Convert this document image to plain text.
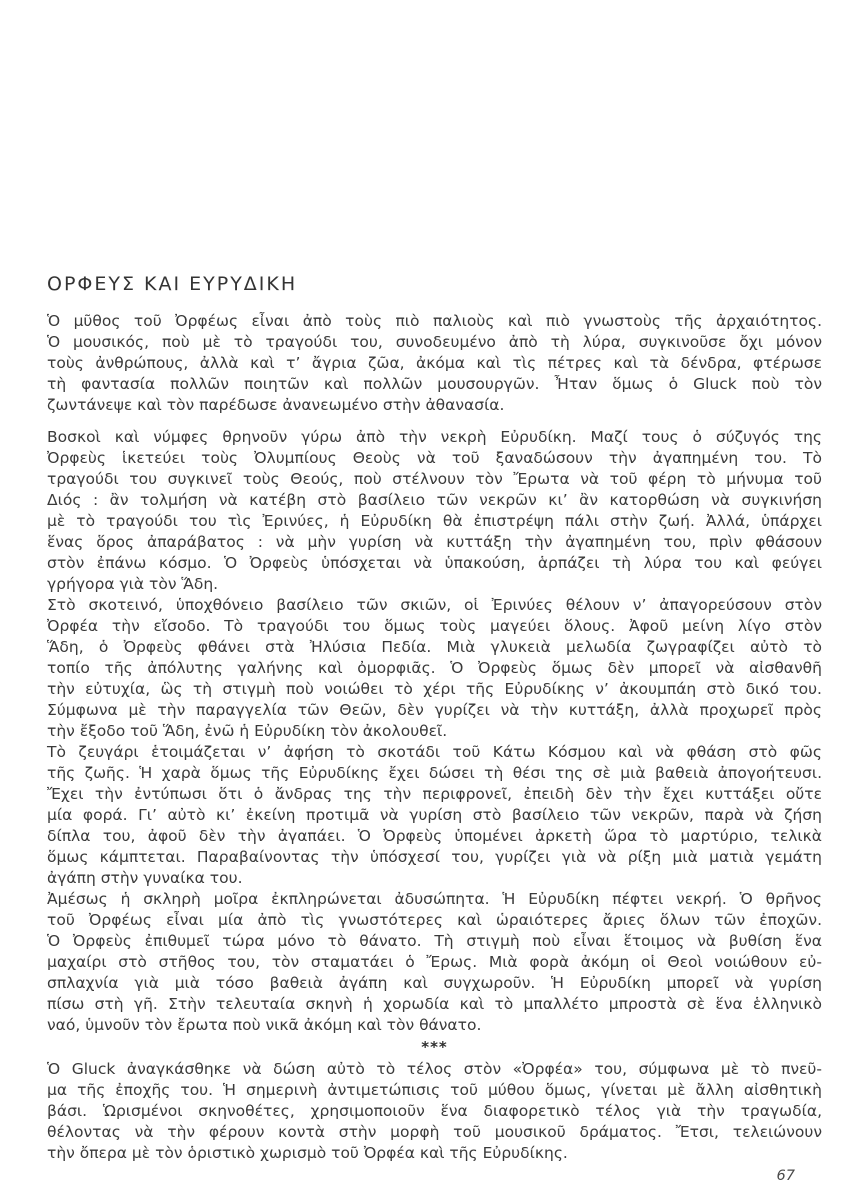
ΟΡΦΕΥΣ ΚΑΙ ΕΥΡΥΔΙΚΗ
Ὁ μῦθος τοῦ Ὀρφέως εἶναι ἀπὸ τοὺς πιὸ παλιοὺς καὶ πιὸ γνωστοὺς τῆς ἀρχαιότητος.
Ὁ μουσικός, ποὺ μὲ τὸ τραγούδι του, συνοδευμένο ἀπὸ τὴ λύρα, συγκινοῦσε ὄχι μόνον
τοὺς ἀνθρώπους, ἀλλὰ καὶ τ’ ἄγρια ζῶα, ἀκόμα καὶ τὶς πέτρες καὶ τὰ δένδρα, φτέρωσε
τὴ φαντασία πολλῶν ποιητῶν καὶ πολλῶν μουσουργῶν. Ἦταν ὅμως ὁ Gluck ποὺ τὸν
ζωντάνεψε καὶ τὸν παρέδωσε ἀνανεωμένο στὴν ἀθανασία.
Βοσκοὶ καὶ νύμφες θρηνοῦν γύρω ἀπὸ τὴν νεκρὴ Εὐρυδίκη. Μαζί τους ὁ σύζυγός της
Ὀρφεὺς ἱκετεύει τοὺς Ὀλυμπίους Θεοὺς νὰ τοῦ ξαναδώσουν τὴν ἀγαπημένη του. Τὸ
τραγούδι του συγκινεῖ τοὺς Θεούς, ποὺ στέλνουν τὸν Ἔρωτα νὰ τοῦ φέρη τὸ μήνυμα τοῦ
Διός : ἂν τολμήση νὰ κατέβη στὸ βασίλειο τῶν νεκρῶν κι’ ἂν κατορθώση νὰ συγκινήση
μὲ τὸ τραγούδι του τὶς Ἐρινύες, ἡ Εὐρυδίκη θὰ ἐπιστρέψη πάλι στὴν ζωή. Ἀλλά, ὑπάρχει
ἕνας ὅρος ἀπαράβατος : νὰ μὴν γυρίση νὰ κυττάξη τὴν ἀγαπημένη του, πρὶν φθάσουν
στὸν ἐπάνω κόσμο. Ὁ Ὀρφεὺς ὑπόσχεται νὰ ὑπακούση, ἁρπάζει τὴ λύρα του καὶ φεύγει
γρήγορα γιὰ τὸν Ἅδη.
Στὸ σκοτεινό, ὑποχθόνειο βασίλειο τῶν σκιῶν, οἱ Ἐρινύες θέλουν ν’ ἀπαγορεύσουν στὸν
Ὀρφέα τὴν εἴσοδο. Τὸ τραγούδι του ὅμως τοὺς μαγεύει ὅλους. Ἀφοῦ μείνη λίγο στὸν
Ἅδη, ὁ Ὀρφεὺς φθάνει στὰ Ἠλύσια Πεδία. Μιὰ γλυκειὰ μελωδία ζωγραφίζει αὐτὸ τὸ
τοπίο τῆς ἀπόλυτης γαλήνης καὶ ὀμορφιᾶς. Ὁ Ὀρφεὺς ὅμως δὲν μπορεῖ νὰ αἰσθανθῆ
τὴν εὐτυχία, ὣς τὴ στιγμὴ ποὺ νοιώθει τὸ χέρι τῆς Εὐρυδίκης ν’ ἀκουμπάη στὸ δικό του.
Σύμφωνα μὲ τὴν παραγγελία τῶν Θεῶν, δὲν γυρίζει νὰ τὴν κυττάξη, ἀλλὰ προχωρεῖ πρὸς
τὴν ἔξοδο τοῦ Ἅδη, ἐνῶ ἡ Εὐρυδίκη τὸν ἀκολουθεῖ.
Τὸ ζευγάρι ἑτοιμάζεται ν’ ἀφήση τὸ σκοτάδι τοῦ Κάτω Κόσμου καὶ νὰ φθάση στὸ φῶς
τῆς ζωῆς. Ἡ χαρὰ ὅμως τῆς Εὐρυδίκης ἔχει δώσει τὴ θέσι της σὲ μιὰ βαθειὰ ἀπογοήτευσι.
Ἔχει τὴν ἐντύπωσι ὅτι ὁ ἄνδρας της τὴν περιφρονεῖ, ἐπειδὴ δὲν τὴν ἔχει κυττάξει οὔτε
μία φορά. Γι’ αὐτὸ κι’ ἐκείνη προτιμᾶ νὰ γυρίση στὸ βασίλειο τῶν νεκρῶν, παρὰ νὰ ζήση
δίπλα του, ἀφοῦ δὲν τὴν ἀγαπάει. Ὁ Ὀρφεὺς ὑπομένει ἀρκετὴ ὥρα τὸ μαρτύριο, τελικὰ
ὅμως κάμπτεται. Παραβαίνοντας τὴν ὑπόσχεσί του, γυρίζει γιὰ νὰ ρίξη μιὰ ματιὰ γεμάτη
ἀγάπη στὴν γυναίκα του.
Ἀμέσως ἡ σκληρὴ μοῖρα ἐκπληρώνεται ἀδυσώπητα. Ἡ Εὐρυδίκη πέφτει νεκρή. Ὁ θρῆνος
τοῦ Ὀρφέως εἶναι μία ἀπὸ τὶς γνωστότερες καὶ ὡραιότερες ἄριες ὅλων τῶν ἐποχῶν.
Ὁ Ὀρφεὺς ἐπιθυμεῖ τώρα μόνο τὸ θάνατο. Τὴ στιγμὴ ποὺ εἶναι ἕτοιμος νὰ βυθίση ἕνα
μαχαίρι στὸ στῆθος του, τὸν σταματάει ὁ Ἔρως. Μιὰ φορὰ ἀκόμη οἱ Θεοὶ νοιώθουν εὐ-
σπλαχνία γιὰ μιὰ τόσο βαθειὰ ἀγάπη καὶ συγχωροῦν. Ἡ Εὐρυδίκη μπορεῖ νὰ γυρίση
πίσω στὴ γῆ. Στὴν τελευταία σκηνὴ ἡ χορωδία καὶ τὸ μπαλλέτο μπροστὰ σὲ ἕνα ἑλληνικὸ
ναό, ὑμνοῦν τὸν ἔρωτα ποὺ νικᾶ ἀκόμη καὶ τὸν θάνατο.
***
Ὁ Gluck ἀναγκάσθηκε νὰ δώση αὐτὸ τὸ τέλος στὸν «Ὀρφέα» του, σύμφωνα μὲ τὸ πνεῦ-
μα τῆς ἐποχῆς του. Ἡ σημερινὴ ἀντιμετώπισις τοῦ μύθου ὅμως, γίνεται μὲ ἄλλη αἰσθητικὴ
βάσι. Ὡρισμένοι σκηνοθέτες, χρησιμοποιοῦν ἕνα διαφορετικὸ τέλος γιὰ τὴν τραγωδία,
θέλοντας νὰ τὴν φέρουν κοντὰ στὴν μορφὴ τοῦ μουσικοῦ δράματος. Ἔτσι, τελειώνουν
τὴν ὄπερα μὲ τὸν ὁριστικὸ χωρισμὸ τοῦ Ὀρφέα καὶ τῆς Εὐρυδίκης.
67
